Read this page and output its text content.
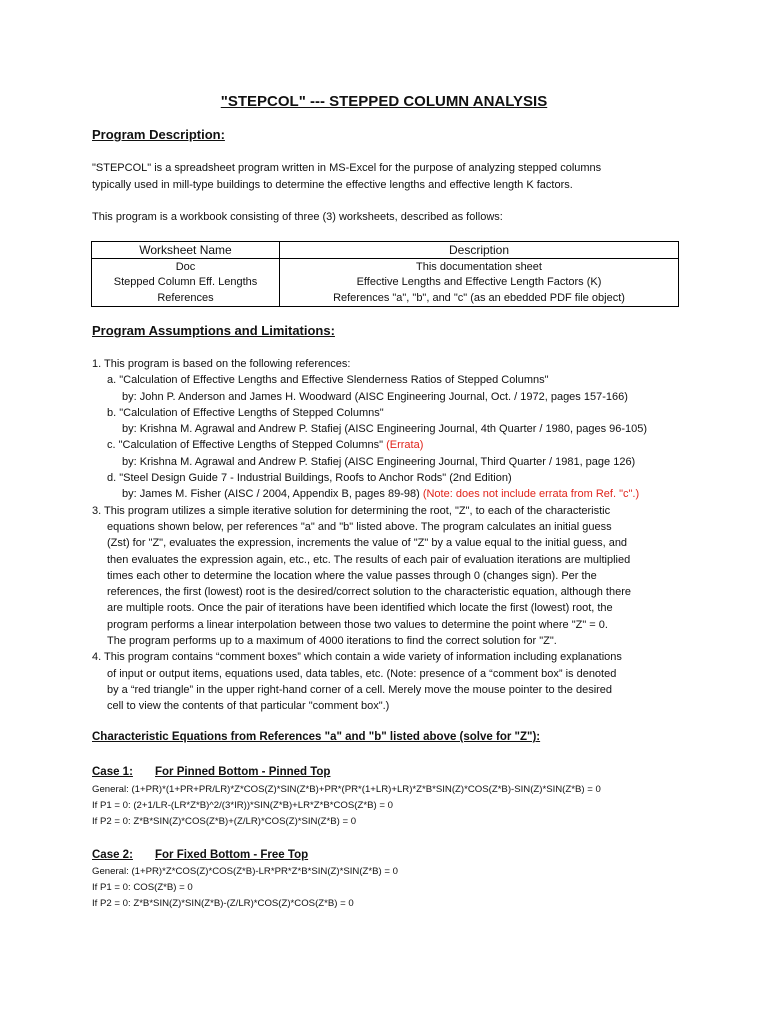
"STEPCOL" --- STEPPED COLUMN ANALYSIS
Program Description:
"STEPCOL" is a spreadsheet program written in MS-Excel for the purpose of analyzing stepped columns
typically used in mill-type buildings to determine the effective lengths and effective length K factors.
This program is a workbook consisting of three (3) worksheets, described as follows:
Worksheet Name	Description
Doc	This documentation sheet
Stepped Column Eff. Lengths	Effective Lengths and Effective Length Factors (K)
References	References "a", "b", and "c" (as an ebedded PDF file object)
Program Assumptions and Limitations:
1. This program is based on the following references:
a. "Calculation of Effective Lengths and Effective Slenderness Ratios of Stepped Columns"
by: John P. Anderson and James H. Woodward (AISC Engineering Journal, Oct. / 1972, pages 157-166)
b. "Calculation of Effective Lengths of Stepped Columns"
by: Krishna M. Agrawal and Andrew P. Stafiej (AISC Engineering Journal, 4th Quarter / 1980, pages 96-105)
c. "Calculation of Effective Lengths of Stepped Columns" (Errata)
by: Krishna M. Agrawal and Andrew P. Stafiej (AISC Engineering Journal, Third Quarter / 1981, page 126)
d. "Steel Design Guide 7 - Industrial Buildings, Roofs to Anchor Rods" (2nd Edition)
by: James M. Fisher (AISC / 2004, Appendix B, pages 89-98) (Note: does not include errata from Ref. "c".)
3. This program utilizes a simple iterative solution for determining the root, "Z", to each of the characteristic
equations shown below, per references "a" and "b" listed above. The program calculates an initial guess
(Zst) for "Z", evaluates the expression, increments the value of "Z" by a value equal to the initial guess, and
then evaluates the expression again, etc., etc. The results of each pair of evaluation iterations are multiplied
times each other to determine the location where the value passes through 0 (changes sign). Per the
references, the first (lowest) root is the desired/correct solution to the characteristic equation, although there
are multiple roots. Once the pair of iterations have been identified which locate the first (lowest) root, the
program performs a linear interpolation between those two values to determine the point where "Z" = 0.
The program performs up to a maximum of 4000 iterations to find the correct solution for "Z".
4. This program contains “comment boxes” which contain a wide variety of information including explanations
of input or output items, equations used, data tables, etc. (Note: presence of a “comment box” is denoted
by a “red triangle” in the upper right-hand corner of a cell. Merely move the mouse pointer to the desired
cell to view the contents of that particular "comment box".)
Characteristic Equations from References "a" and "b" listed above (solve for "Z"):
Case 1: For Pinned Bottom - Pinned Top
General: (1+PR)*(1+PR+PR/LR)*Z*COS(Z)*SIN(Z*B)+PR*(PR*(1+LR)+LR)*Z*B*SIN(Z)*COS(Z*B)-SIN(Z)*SIN(Z*B) = 0
If P1 = 0: (2+1/LR-(LR*Z*B)^2/(3*IR))*SIN(Z*B)+LR*Z*B*COS(Z*B) = 0
If P2 = 0: Z*B*SIN(Z)*COS(Z*B)+(Z/LR)*COS(Z)*SIN(Z*B) = 0
Case 2: For Fixed Bottom - Free Top
General: (1+PR)*Z*COS(Z)*COS(Z*B)-LR*PR*Z*B*SIN(Z)*SIN(Z*B) = 0
If P1 = 0: COS(Z*B) = 0
If P2 = 0: Z*B*SIN(Z)*SIN(Z*B)-(Z/LR)*COS(Z)*COS(Z*B) = 0
